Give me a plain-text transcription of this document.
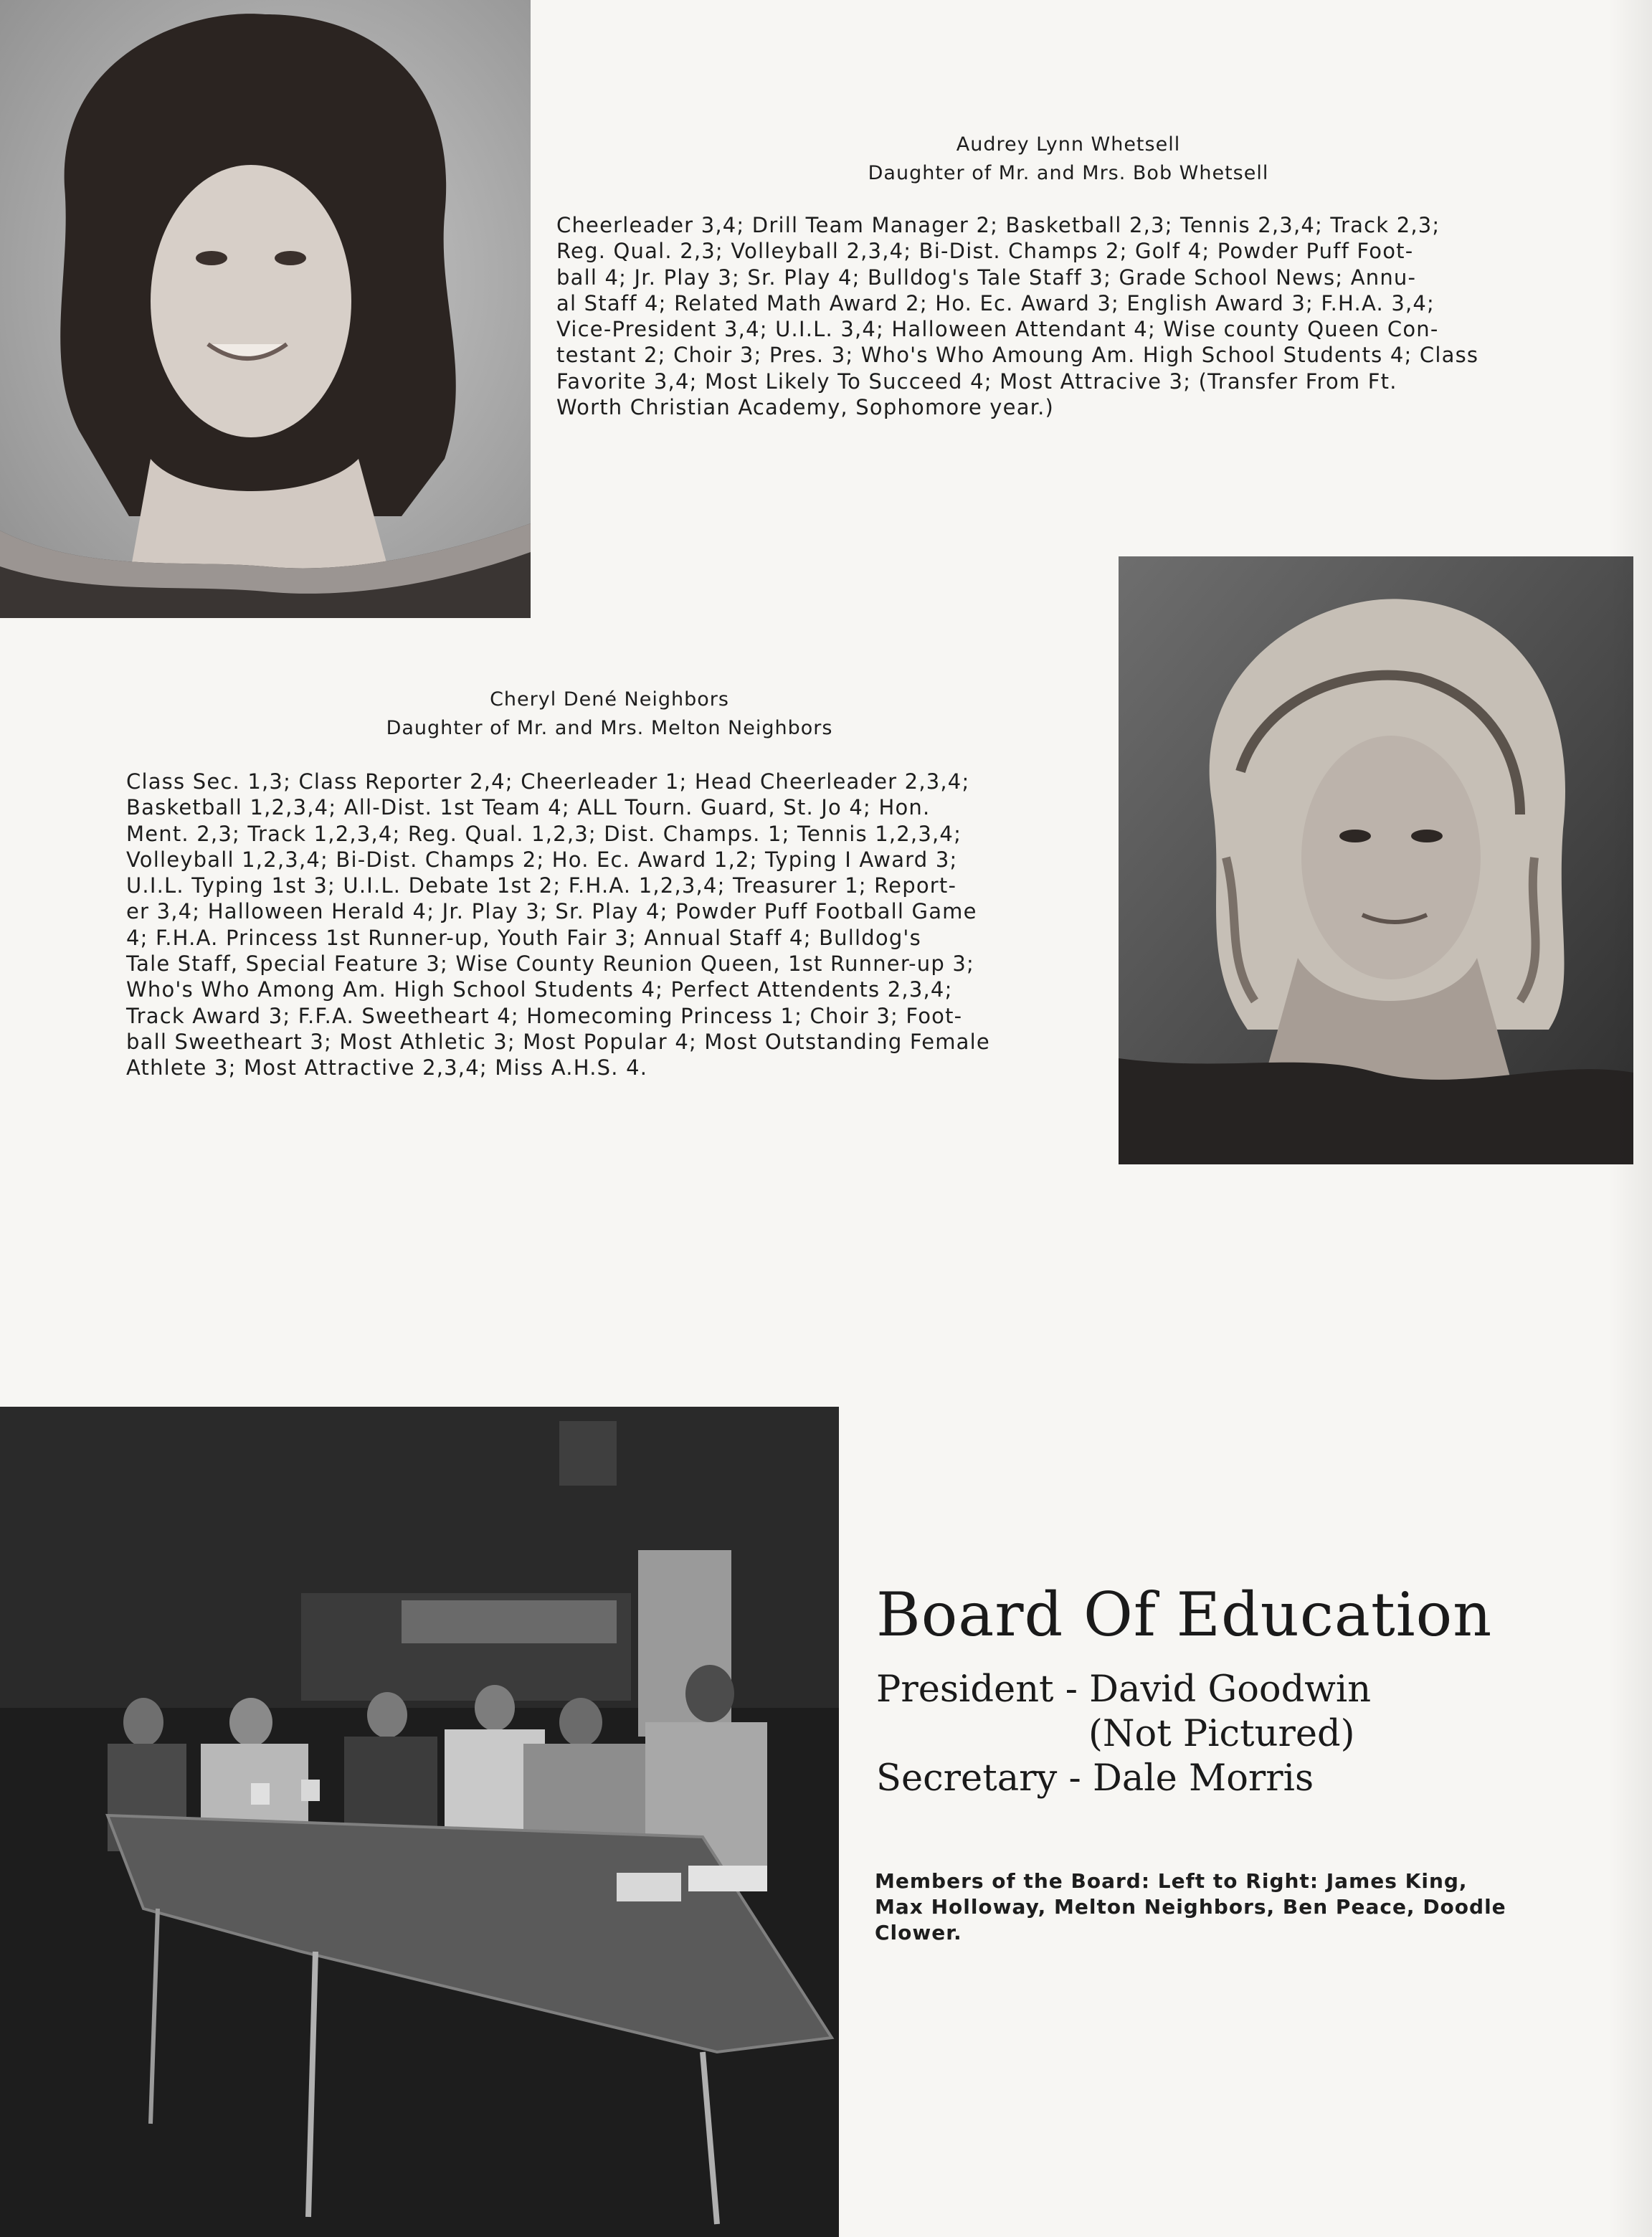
Audrey Lynn Whetsell
Daughter of Mr. and Mrs. Bob Whetsell
Cheerleader 3,4; Drill Team Manager 2; Basketball 2,3; Tennis 2,3,4; Track 2,3;
Reg. Qual. 2,3; Volleyball 2,3,4; Bi-Dist. Champs 2; Golf 4; Powder Puff Foot-
ball 4; Jr. Play 3; Sr. Play 4; Bulldog's Tale Staff 3; Grade School News; Annu-
al Staff 4; Related Math Award 2; Ho. Ec. Award 3; English Award 3; F.H.A. 3,4;
Vice-President 3,4; U.I.L. 3,4; Halloween Attendant 4; Wise county Queen Con-
testant 2; Choir 3; Pres. 3; Who's Who Amoung Am. High School Students 4; Class
Favorite 3,4; Most Likely To Succeed 4; Most Attracive 3; (Transfer From Ft.
Worth Christian Academy, Sophomore year.)
Cheryl Dené Neighbors
Daughter of Mr. and Mrs. Melton Neighbors
Class Sec. 1,3; Class Reporter 2,4; Cheerleader 1; Head Cheerleader 2,3,4;
Basketball 1,2,3,4; All-Dist. 1st Team 4; ALL Tourn. Guard, St. Jo 4; Hon.
Ment. 2,3; Track 1,2,3,4; Reg. Qual. 1,2,3; Dist. Champs. 1; Tennis 1,2,3,4;
Volleyball 1,2,3,4; Bi-Dist. Champs 2; Ho. Ec. Award 1,2; Typing I Award 3;
U.I.L. Typing 1st 3; U.I.L. Debate 1st 2; F.H.A. 1,2,3,4; Treasurer 1; Report-
er 3,4; Halloween Herald 4; Jr. Play 3; Sr. Play 4; Powder Puff Football Game
4; F.H.A. Princess 1st Runner-up, Youth Fair 3; Annual Staff 4; Bulldog's
Tale Staff, Special Feature 3; Wise County Reunion Queen, 1st Runner-up 3;
Who's Who Among Am. High School Students 4; Perfect Attendents 2,3,4;
Track Award 3; F.F.A. Sweetheart 4; Homecoming Princess 1; Choir 3; Foot-
ball Sweetheart 3; Most Athletic 3; Most Popular 4; Most Outstanding Female
Athlete 3; Most Attractive 2,3,4; Miss A.H.S. 4.
Board Of Education
President - David Goodwin
(Not Pictured)
Secretary - Dale Morris
Members of the Board: Left to Right: James King,
Max Holloway, Melton Neighbors, Ben Peace, Doodle
Clower.
